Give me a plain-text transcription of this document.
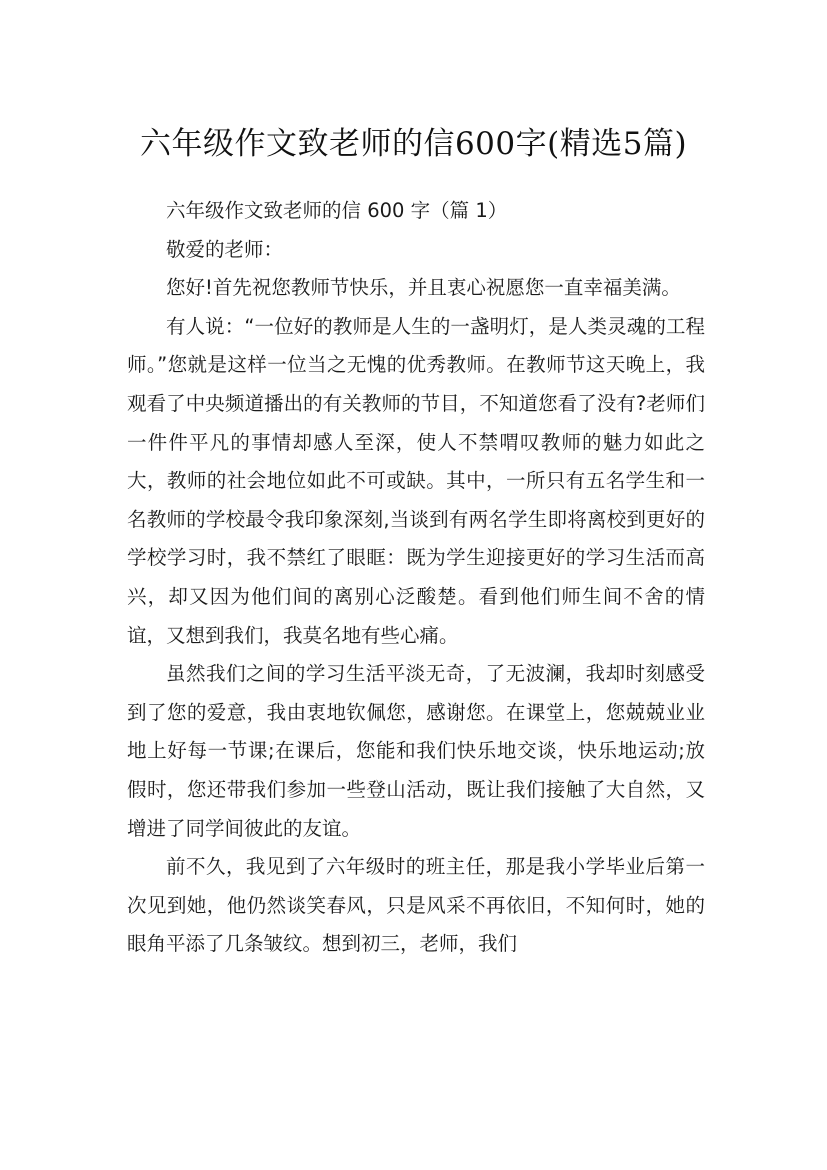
六年级作文致老师的信600字(精选5篇)

六年级作文致老师的信 600 字（篇 1）

敬爱的老师：

您好!首先祝您教师节快乐，并且衷心祝愿您一直幸福美满。

有人说：“一位好的教师是人生的一盏明灯，是人类灵魂的工程师。”您就是这样一位当之无愧的优秀教师。在教师节这天晚上，我观看了中央频道播出的有关教师的节目，不知道您看了没有?老师们一件件平凡的事情却感人至深，使人不禁喟叹教师的魅力如此之大，教师的社会地位如此不可或缺。其中，一所只有五名学生和一名教师的学校最令我印象深刻,当谈到有两名学生即将离校到更好的学校学习时，我不禁红了眼眶：既为学生迎接更好的学习生活而高兴，却又因为他们间的离别心泛酸楚。看到他们师生间不舍的情谊，又想到我们，我莫名地有些心痛。

虽然我们之间的学习生活平淡无奇，了无波澜，我却时刻感受到了您的爱意，我由衷地钦佩您，感谢您。在课堂上，您兢兢业业地上好每一节课;在课后，您能和我们快乐地交谈，快乐地运动;放假时，您还带我们参加一些登山活动，既让我们接触了大自然，又增进了同学间彼此的友谊。

前不久，我见到了六年级时的班主任，那是我小学毕业后第一次见到她，他仍然谈笑春风，只是风采不再依旧，不知何时，她的眼角平添了几条皱纹。想到初三，老师，我们
